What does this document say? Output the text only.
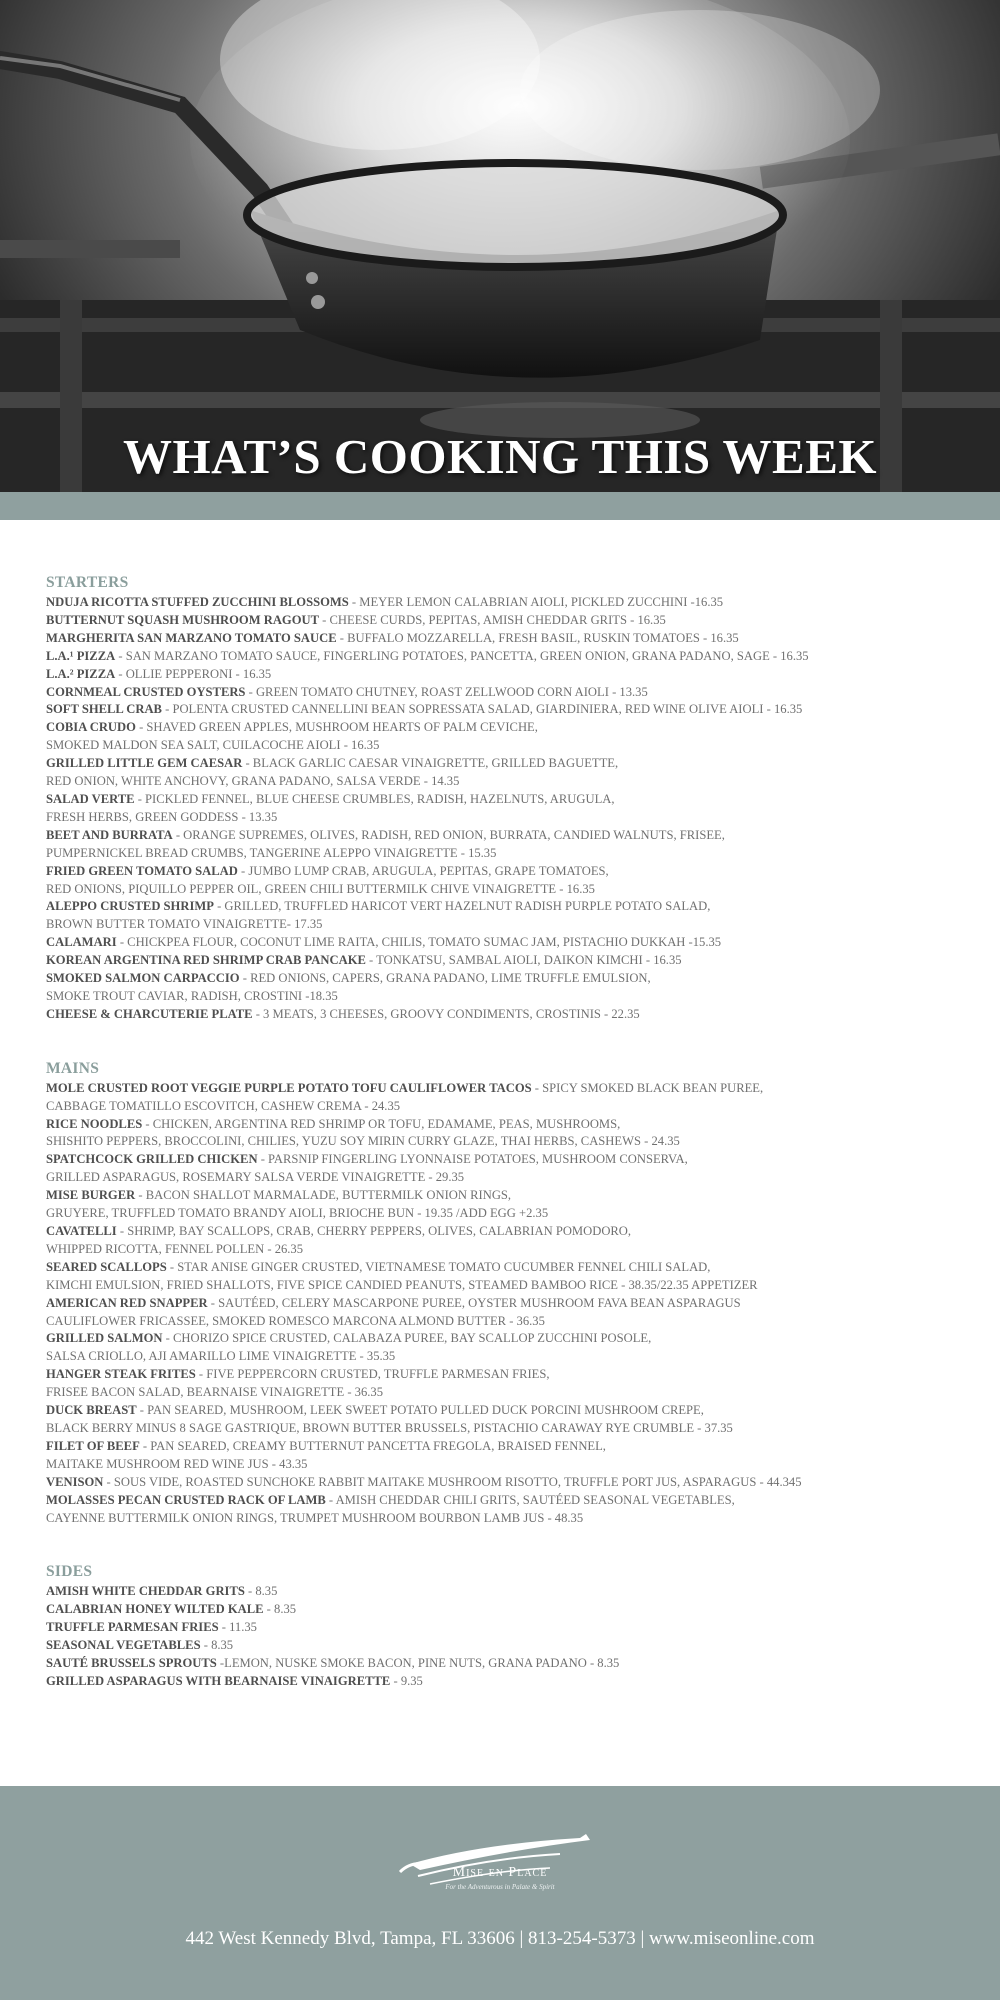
WHAT’S COOKING THIS WEEK
STARTERS
NDUJA RICOTTA STUFFED ZUCCHINI BLOSSOMS - MEYER LEMON CALABRIAN AIOLI, PICKLED ZUCCHINI -16.35
BUTTERNUT SQUASH MUSHROOM RAGOUT - CHEESE CURDS, PEPITAS, AMISH CHEDDAR GRITS - 16.35
MARGHERITA SAN MARZANO TOMATO SAUCE - BUFFALO MOZZARELLA, FRESH BASIL, RUSKIN TOMATOES - 16.35
L.A.¹ PIZZA - SAN MARZANO TOMATO SAUCE, FINGERLING POTATOES, PANCETTA, GREEN ONION, GRANA PADANO, SAGE - 16.35
L.A.² PIZZA - OLLIE PEPPERONI - 16.35
CORNMEAL CRUSTED OYSTERS - GREEN TOMATO CHUTNEY, ROAST ZELLWOOD CORN AIOLI - 13.35
SOFT SHELL CRAB - POLENTA CRUSTED CANNELLINI BEAN SOPRESSATA SALAD, GIARDINIERA, RED WINE OLIVE AIOLI - 16.35
COBIA CRUDO - SHAVED GREEN APPLES, MUSHROOM HEARTS OF PALM CEVICHE,
SMOKED MALDON SEA SALT, CUILACOCHE AIOLI - 16.35
GRILLED LITTLE GEM CAESAR - BLACK GARLIC CAESAR VINAIGRETTE, GRILLED BAGUETTE,
RED ONION, WHITE ANCHOVY, GRANA PADANO, SALSA VERDE - 14.35
SALAD VERTE - PICKLED FENNEL, BLUE CHEESE CRUMBLES, RADISH, HAZELNUTS, ARUGULA,
FRESH HERBS, GREEN GODDESS - 13.35
BEET AND BURRATA - ORANGE SUPREMES, OLIVES, RADISH, RED ONION, BURRATA, CANDIED WALNUTS, FRISEE,
PUMPERNICKEL BREAD CRUMBS, TANGERINE ALEPPO VINAIGRETTE - 15.35
FRIED GREEN TOMATO SALAD - JUMBO LUMP CRAB, ARUGULA, PEPITAS, GRAPE TOMATOES,
RED ONIONS, PIQUILLO PEPPER OIL, GREEN CHILI BUTTERMILK CHIVE VINAIGRETTE - 16.35
ALEPPO CRUSTED SHRIMP - GRILLED, TRUFFLED HARICOT VERT HAZELNUT RADISH PURPLE POTATO SALAD,
BROWN BUTTER TOMATO VINAIGRETTE- 17.35
CALAMARI - CHICKPEA FLOUR, COCONUT LIME RAITA, CHILIS, TOMATO SUMAC JAM, PISTACHIO DUKKAH -15.35
KOREAN ARGENTINA RED SHRIMP CRAB PANCAKE - TONKATSU, SAMBAL AIOLI, DAIKON KIMCHI - 16.35
SMOKED SALMON CARPACCIO - RED ONIONS, CAPERS, GRANA PADANO, LIME TRUFFLE EMULSION,
SMOKE TROUT CAVIAR, RADISH, CROSTINI -18.35
CHEESE & CHARCUTERIE PLATE - 3 MEATS, 3 CHEESES, GROOVY CONDIMENTS, CROSTINIS - 22.35
MAINS
MOLE CRUSTED ROOT VEGGIE PURPLE POTATO TOFU CAULIFLOWER TACOS - SPICY SMOKED BLACK BEAN PUREE,
CABBAGE TOMATILLO ESCOVITCH, CASHEW CREMA - 24.35
RICE NOODLES - CHICKEN, ARGENTINA RED SHRIMP OR TOFU, EDAMAME, PEAS, MUSHROOMS,
SHISHITO PEPPERS, BROCCOLINI, CHILIES, YUZU SOY MIRIN CURRY GLAZE, THAI HERBS, CASHEWS - 24.35
SPATCHCOCK GRILLED CHICKEN - PARSNIP FINGERLING LYONNAISE POTATOES, MUSHROOM CONSERVA,
GRILLED ASPARAGUS, ROSEMARY SALSA VERDE VINAIGRETTE - 29.35
MISE BURGER - BACON SHALLOT MARMALADE, BUTTERMILK ONION RINGS,
GRUYERE, TRUFFLED TOMATO BRANDY AIOLI, BRIOCHE BUN - 19.35 /ADD EGG +2.35
CAVATELLI - SHRIMP, BAY SCALLOPS, CRAB, CHERRY PEPPERS, OLIVES, CALABRIAN POMODORO,
WHIPPED RICOTTA, FENNEL POLLEN - 26.35
SEARED SCALLOPS - STAR ANISE GINGER CRUSTED, VIETNAMESE TOMATO CUCUMBER FENNEL CHILI SALAD,
KIMCHI EMULSION, FRIED SHALLOTS, FIVE SPICE CANDIED PEANUTS, STEAMED BAMBOO RICE - 38.35/22.35 APPETIZER
AMERICAN RED SNAPPER - SAUTÉED, CELERY MASCARPONE PUREE, OYSTER MUSHROOM FAVA BEAN ASPARAGUS
CAULIFLOWER FRICASSEE, SMOKED ROMESCO MARCONA ALMOND BUTTER - 36.35
GRILLED SALMON - CHORIZO SPICE CRUSTED, CALABAZA PUREE, BAY SCALLOP ZUCCHINI POSOLE,
SALSA CRIOLLO, AJI AMARILLO LIME VINAIGRETTE - 35.35
HANGER STEAK FRITES - FIVE PEPPERCORN CRUSTED, TRUFFLE PARMESAN FRIES,
FRISEE BACON SALAD, BEARNAISE VINAIGRETTE - 36.35
DUCK BREAST - PAN SEARED, MUSHROOM, LEEK SWEET POTATO PULLED DUCK PORCINI MUSHROOM CREPE,
BLACK BERRY MINUS 8 SAGE GASTRIQUE, BROWN BUTTER BRUSSELS, PISTACHIO CARAWAY RYE CRUMBLE - 37.35
FILET OF BEEF - PAN SEARED, CREAMY BUTTERNUT PANCETTA FREGOLA, BRAISED FENNEL,
MAITAKE MUSHROOM RED WINE JUS - 43.35
VENISON - SOUS VIDE, ROASTED SUNCHOKE RABBIT MAITAKE MUSHROOM RISOTTO, TRUFFLE PORT JUS, ASPARAGUS - 44.345
MOLASSES PECAN CRUSTED RACK OF LAMB - AMISH CHEDDAR CHILI GRITS, SAUTÉED SEASONAL VEGETABLES,
CAYENNE BUTTERMILK ONION RINGS, TRUMPET MUSHROOM BOURBON LAMB JUS - 48.35
SIDES
AMISH WHITE CHEDDAR GRITS - 8.35
CALABRIAN HONEY WILTED KALE - 8.35
TRUFFLE PARMESAN FRIES - 11.35
SEASONAL VEGETABLES - 8.35
SAUTÉ BRUSSELS SPROUTS -LEMON, NUSKE SMOKE BACON, PINE NUTS, GRANA PADANO - 8.35
GRILLED ASPARAGUS WITH BEARNAISE VINAIGRETTE - 9.35
Mise en Place
For the Adventurous in Palate & Spirit
442 West Kennedy Blvd, Tampa, FL 33606 | 813-254-5373 | www.miseonline.com
